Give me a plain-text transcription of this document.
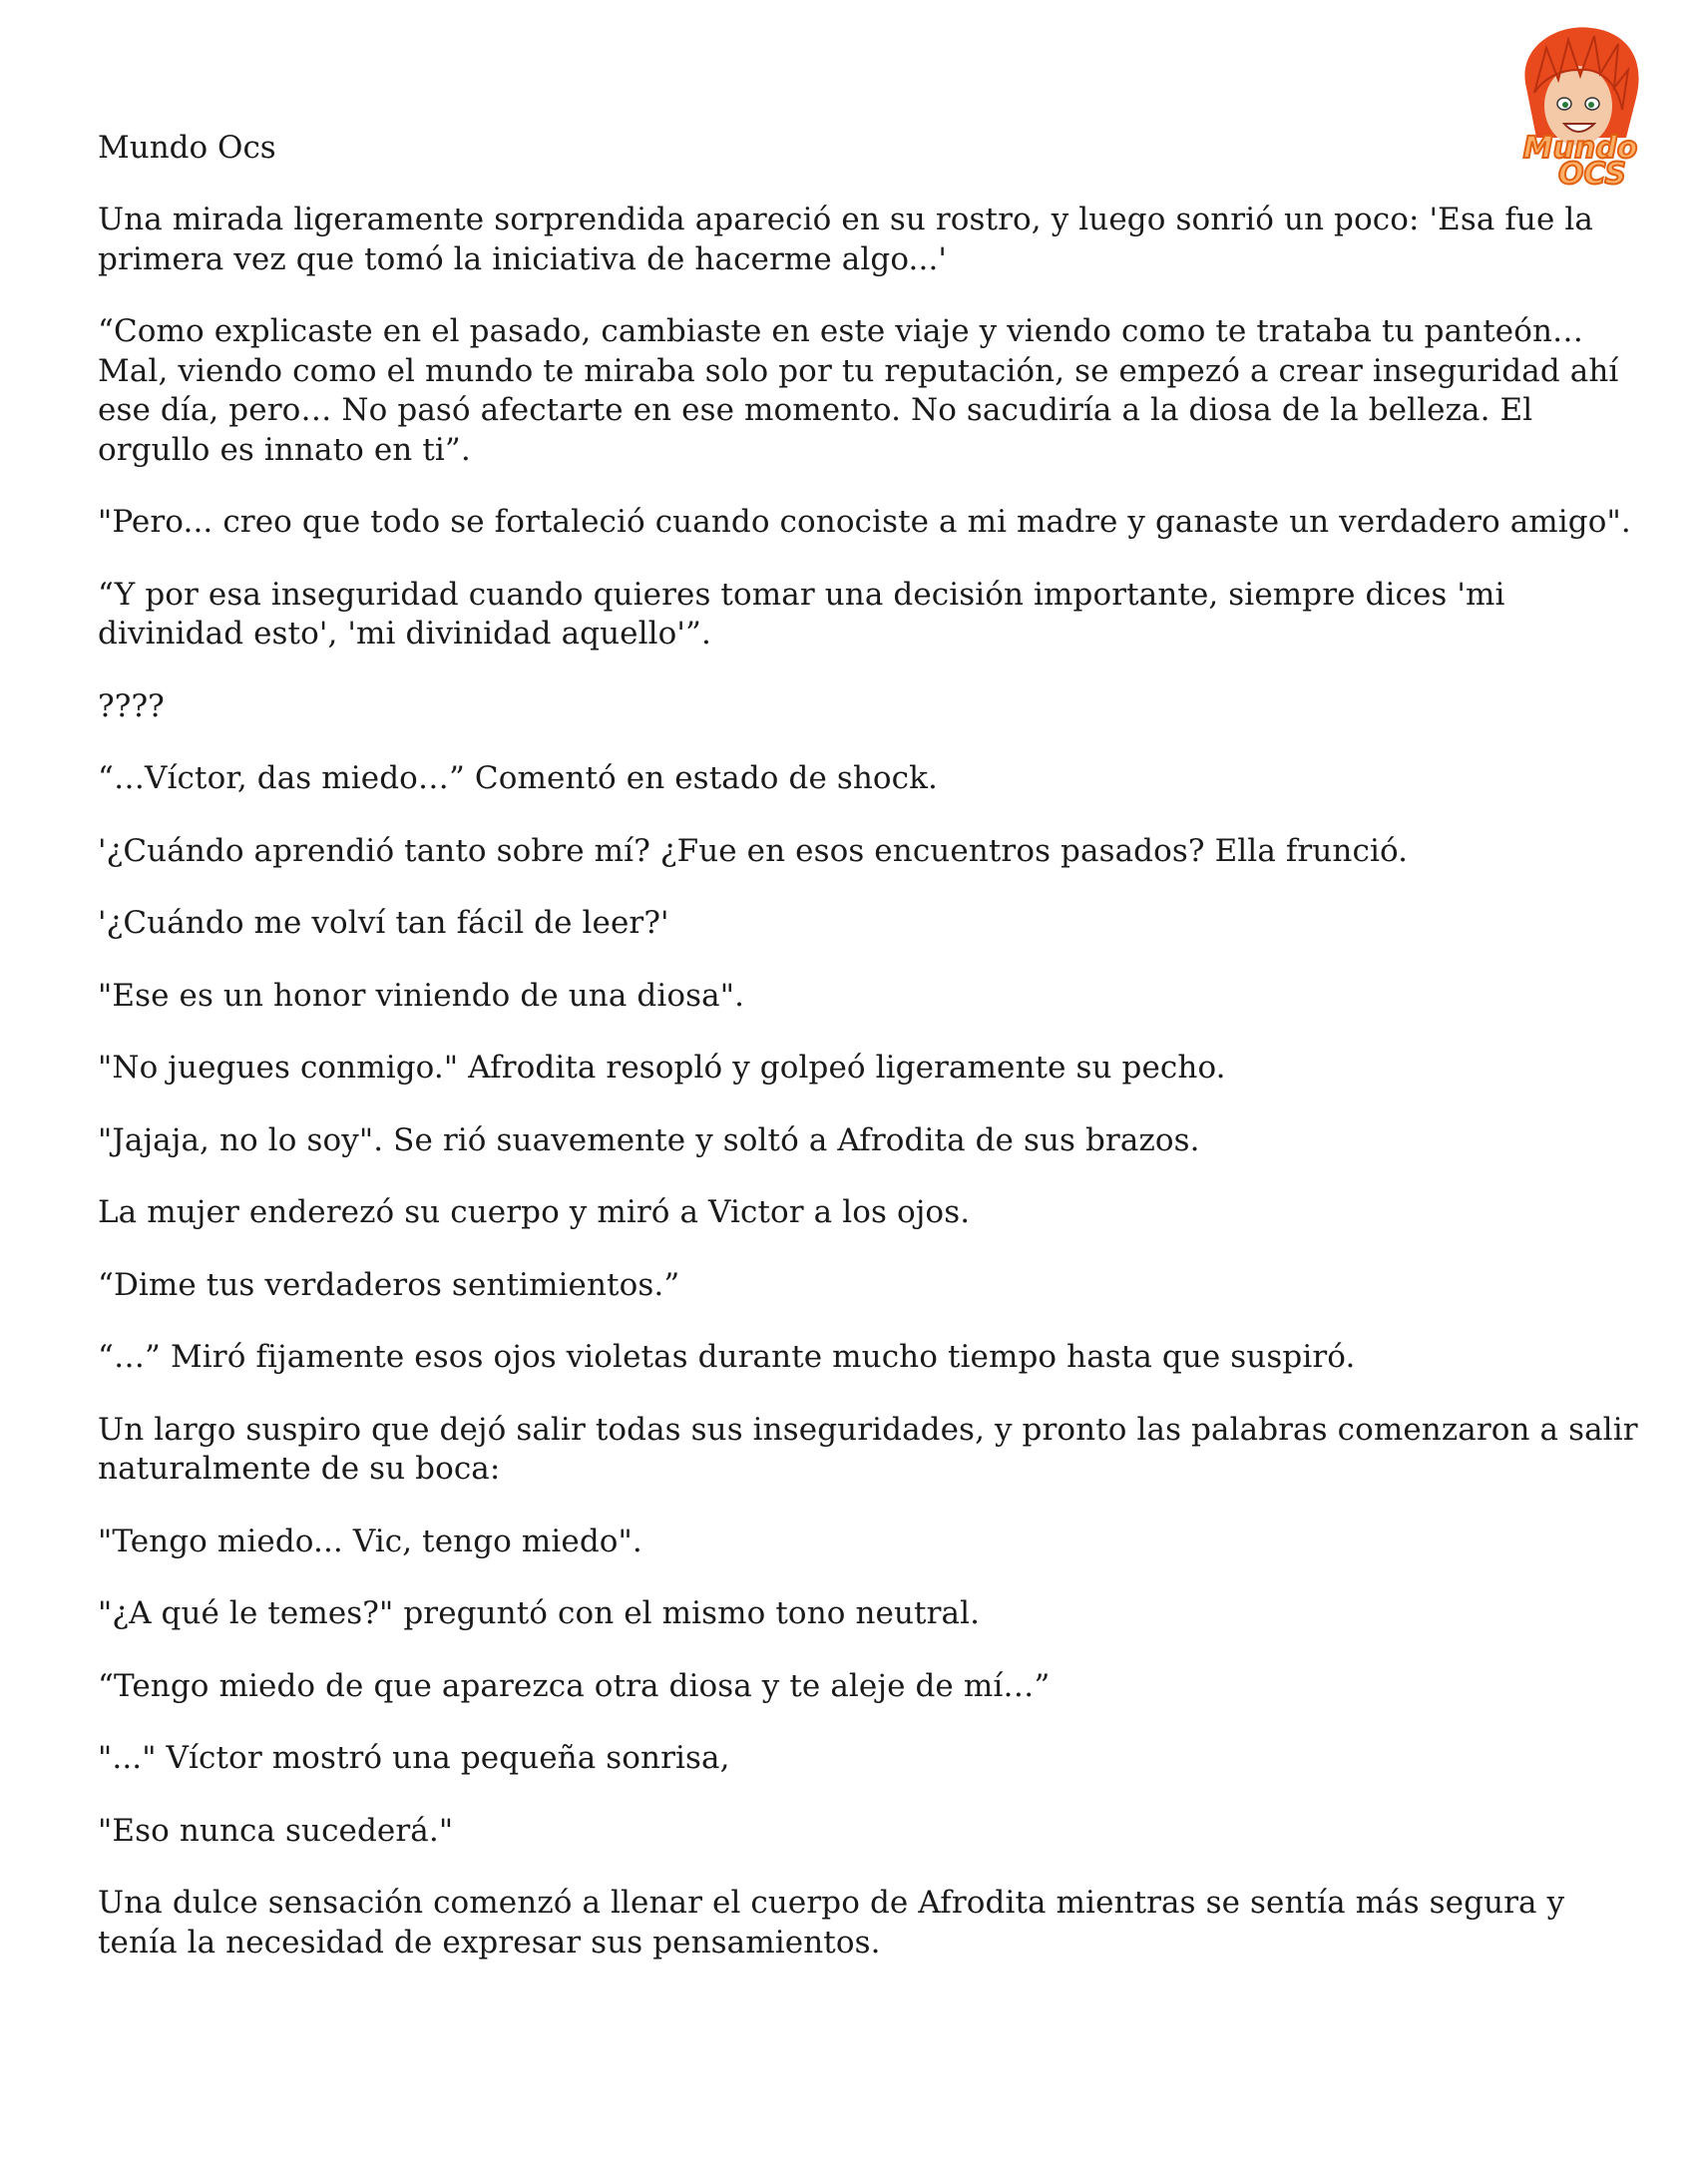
Mundo
OCS
Mundo Ocs

Una mirada ligeramente sorprendida apareció en su rostro, y luego sonrió un poco: 'Esa fue la primera vez que tomó la iniciativa de hacerme algo...'

“Como explicaste en el pasado, cambiaste en este viaje y viendo como te trataba tu panteón… Mal, viendo como el mundo te miraba solo por tu reputación, se empezó a crear inseguridad ahí ese día, pero… No pasó afectarte en ese momento. No sacudiría a la diosa de la belleza. El orgullo es innato en ti”.

"Pero... creo que todo se fortaleció cuando conociste a mi madre y ganaste un verdadero amigo".

“Y por esa inseguridad cuando quieres tomar una decisión importante, siempre dices 'mi divinidad esto', 'mi divinidad aquello'”.

????

“…Víctor, das miedo…” Comentó en estado de shock.

'¿Cuándo aprendió tanto sobre mí? ¿Fue en esos encuentros pasados? Ella frunció.

'¿Cuándo me volví tan fácil de leer?'

"Ese es un honor viniendo de una diosa".

"No juegues conmigo." Afrodita resopló y golpeó ligeramente su pecho.

"Jajaja, no lo soy". Se rió suavemente y soltó a Afrodita de sus brazos.

La mujer enderezó su cuerpo y miró a Victor a los ojos.

“Dime tus verdaderos sentimientos.”

“…” Miró fijamente esos ojos violetas durante mucho tiempo hasta que suspiró.

Un largo suspiro que dejó salir todas sus inseguridades, y pronto las palabras comenzaron a salir naturalmente de su boca:

"Tengo miedo... Vic, tengo miedo".

"¿A qué le temes?" preguntó con el mismo tono neutral.

“Tengo miedo de que aparezca otra diosa y te aleje de mí…”

"..." Víctor mostró una pequeña sonrisa,

"Eso nunca sucederá."

Una dulce sensación comenzó a llenar el cuerpo de Afrodita mientras se sentía más segura y tenía la necesidad de expresar sus pensamientos.
